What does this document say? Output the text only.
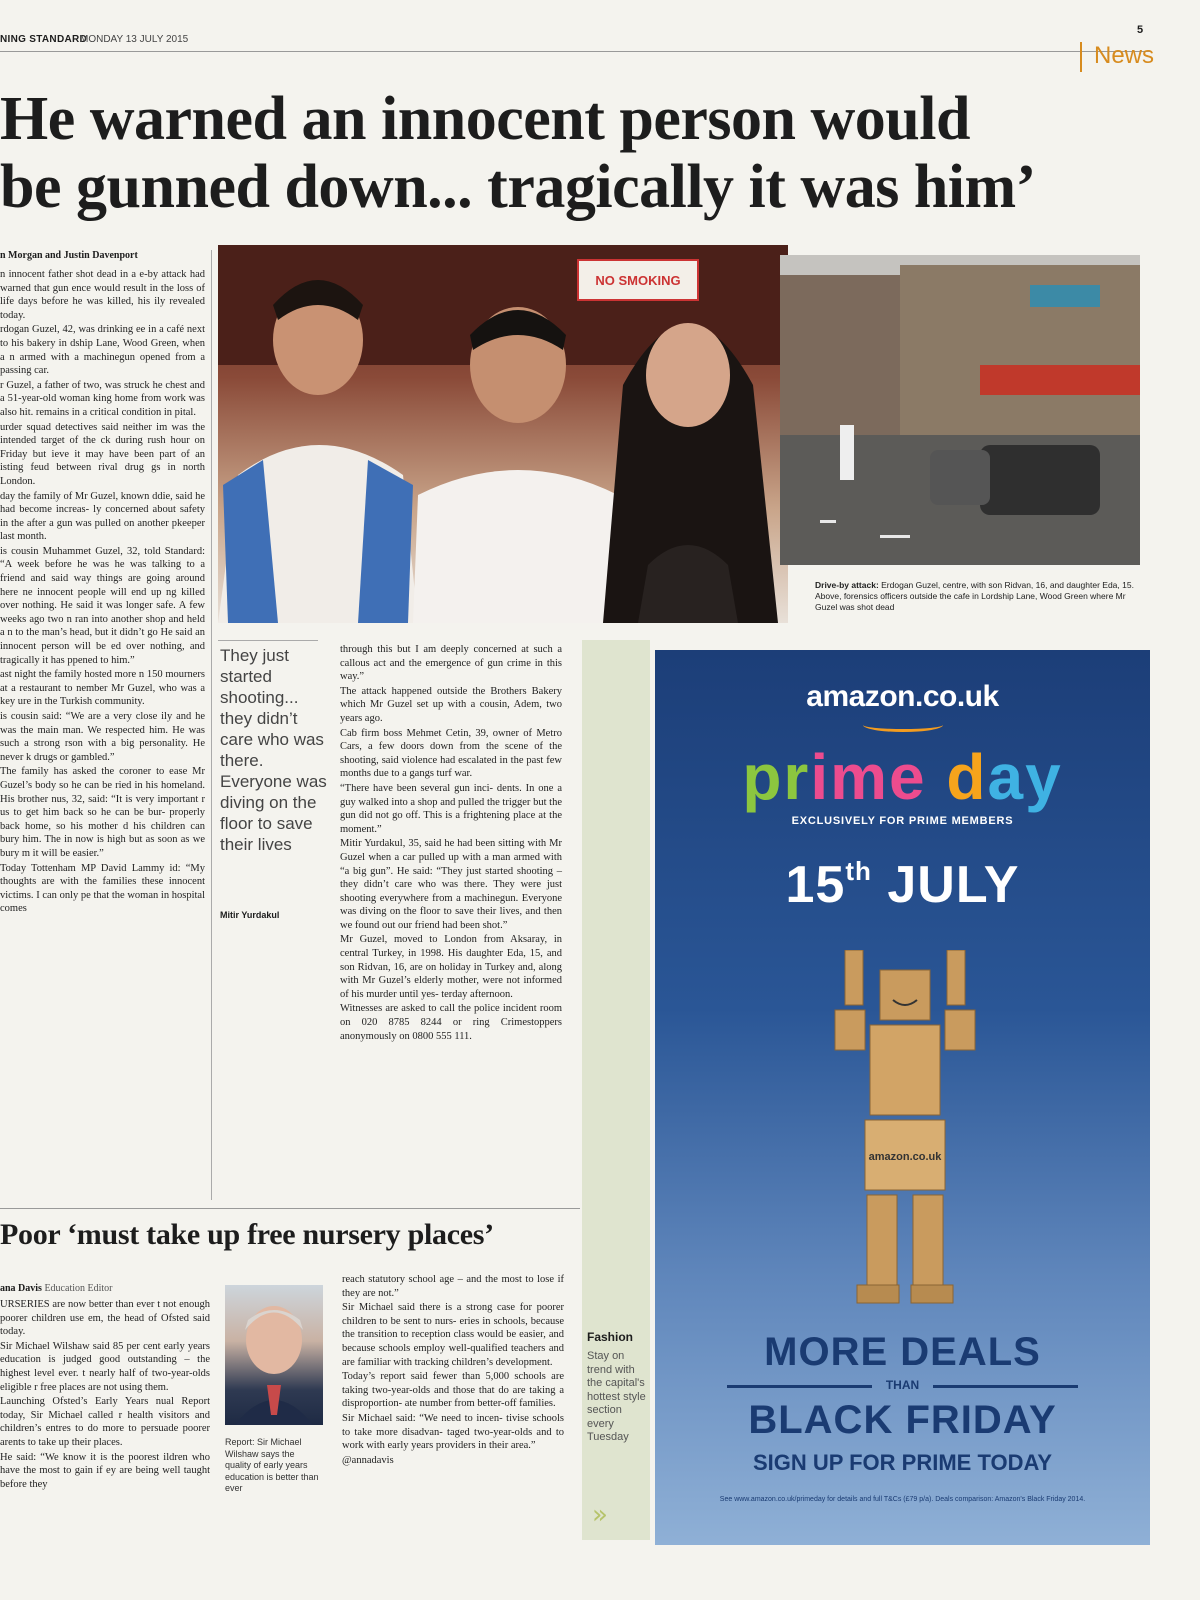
NING STANDARD
MONDAY 13 JULY 2015
5
News
He warned an innocent person would
be gunned down... tragically it was him’
n Morgan and Justin Davenport

n innocent father shot dead in a e-by attack had warned that gun ence would result in the loss of life days before he was killed, his ily revealed today.

rdogan Guzel, 42, was drinking ee in a café next to his bakery in dship Lane, Wood Green, when a n armed with a machinegun opened from a passing car.

r Guzel, a father of two, was struck he chest and a 51-year-old woman king home from work was also hit. remains in a critical condition in pital.

urder squad detectives said neither im was the intended target of the ck during rush hour on Friday but ieve it may have been part of an isting feud between rival drug gs in north London.

day the family of Mr Guzel, known ddie, said he had become increas- ly concerned about safety in the after a gun was pulled on another pkeeper last month.

is cousin Muhammet Guzel, 32, told Standard: “A week before he was he was talking to a friend and said way things are going around here ne innocent people will end up ng killed over nothing. He said it was longer safe. A few weeks ago two n ran into another shop and held a n to the man’s head, but it didn’t go He said an innocent person will be ed over nothing, and tragically it has ppened to him.”

ast night the family hosted more n 150 mourners at a restaurant to nember Mr Guzel, who was a key ure in the Turkish community.

is cousin said: “We are a very close ily and he was the main man. We respected him. He was such a strong rson with a big personality. He never k drugs or gambled.”

The family has asked the coroner to ease Mr Guzel’s body so he can be ried in his homeland. His brother nus, 32, said: “It is very important r us to get him back so he can be bur- properly back home, so his mother d his children can bury him. The in now is high but as soon as we bury m it will be easier.”

Today Tottenham MP David Lammy id: “My thoughts are with the families these innocent victims. I can only pe that the woman in hospital comes

NO SMOKING
Drive-by attack: Erdogan Guzel, centre, with son Ridvan, 16, and daughter Eda, 15. Above, forensics officers outside the cafe in Lordship Lane, Wood Green where Mr Guzel was shot dead
They just started shooting... they didn’t care who was there. Everyone was diving on the floor to save their lives
Mitir Yurdakul

through this but I am deeply concerned at such a callous act and the emergence of gun crime in this way.”

The attack happened outside the Brothers Bakery which Mr Guzel set up with a cousin, Adem, two years ago.

Cab firm boss Mehmet Cetin, 39, owner of Metro Cars, a few doors down from the scene of the shooting, said violence had escalated in the past few months due to a gangs turf war.

“There have been several gun inci- dents. In one a guy walked into a shop and pulled the trigger but the gun did not go off. This is a frightening place at the moment.”

Mitir Yurdakul, 35, said he had been sitting with Mr Guzel when a car pulled up with a man armed with “a big gun”. He said: “They just started shooting – they didn’t care who was there. They were just shooting everywhere from a machinegun. Everyone was diving on the floor to save their lives, and then we found out our friend had been shot.”

Mr Guzel, moved to London from Aksaray, in central Turkey, in 1998. His daughter Eda, 15, and son Ridvan, 16, are on holiday in Turkey and, along with Mr Guzel’s elderly mother, were not informed of his murder until yes- terday afternoon.

Witnesses are asked to call the police incident room on 020 8785 8244 or ring Crimestoppers anonymously on 0800 555 111.

Poor ‘must take up free nursery places’
ana Davis Education Editor

URSERIES are now better than ever t not enough poorer children use em, the head of Ofsted said today.

Sir Michael Wilshaw said 85 per cent early years education is judged good outstanding – the highest level ever. t nearly half of two-year-olds eligible r free places are not using them.

Launching Ofsted’s Early Years nual Report today, Sir Michael called r health visitors and children’s entres to do more to persuade poorer arents to take up their places.

He said: “We know it is the poorest ildren who have the most to gain if ey are being well taught before they

Report: Sir Michael Wilshaw says the quality of early years education is better than ever

reach statutory school age – and the most to lose if they are not.”

Sir Michael said there is a strong case for poorer children to be sent to nurs- eries in schools, because the transition to reception class would be easier, and because schools employ well-qualified teachers and are familiar with tracking children’s development.

Today’s report said fewer than 5,000 schools are taking two-year-olds and those that do are taking a disproportion- ate number from better-off families.

Sir Michael said: “We need to incen- tivise schools to take more disadvan- taged two-year-olds and to work with early years providers in their area.”

@annadavis

Fashion
Stay on trend with the capital's hottest style section every Tuesday
»
amazon.co.uk
prime day
EXCLUSIVELY FOR PRIME MEMBERS
15th JULY
amazon.co.uk
MORE DEALS
THAN
BLACK FRIDAY
SIGN UP FOR PRIME TODAY
See www.amazon.co.uk/primeday for details and full T&Cs (£79 p/a). Deals comparison: Amazon's Black Friday 2014.
